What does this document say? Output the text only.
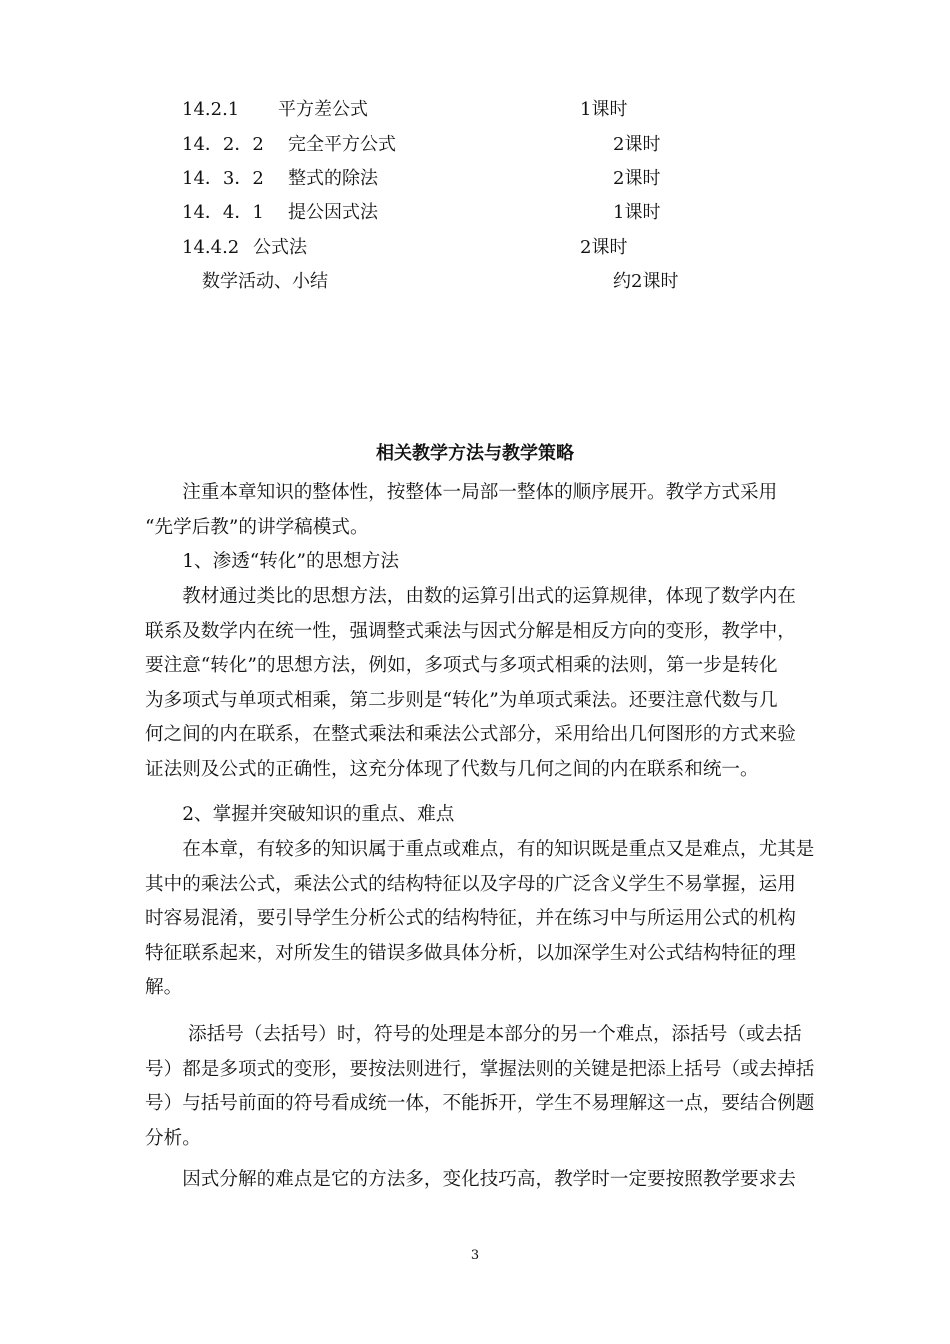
14.2.1 平方差公式	1课时
14．2．2 完全平方公式	2课时
14．3．2 整式的除法	2课时
14．4．1 提公因式法	1课时
14.4.2 公式法	2课时
数学活动、小结	约2课时
相关教学方法与教学策略
　　注重本章知识的整体性，按整体一局部一整体的顺序展开。教学方式采用
“先学后教”的讲学稿模式。
　　1、渗透“转化”的思想方法
　　教材通过类比的思想方法，由数的运算引出式的运算规律，体现了数学内在
联系及数学内在统一性，强调整式乘法与因式分解是相反方向的变形，教学中，
要注意“转化”的思想方法，例如，多项式与多项式相乘的法则，第一步是转化
为多项式与单项式相乘，第二步则是“转化”为单项式乘法。还要注意代数与几
何之间的内在联系，在整式乘法和乘法公式部分，采用给出几何图形的方式来验
证法则及公式的正确性，这充分体现了代数与几何之间的内在联系和统一。
　　2、掌握并突破知识的重点、难点
　　在本章，有较多的知识属于重点或难点，有的知识既是重点又是难点，尤其是
其中的乘法公式，乘法公式的结构特征以及字母的广泛含义学生不易掌握，运用
时容易混淆，要引导学生分析公式的结构特征，并在练习中与所运用公式的机构
特征联系起来，对所发生的错误多做具体分析，以加深学生对公式结构特征的理
解。
　　 添括号（去括号）时，符号的处理是本部分的另一个难点，添括号（或去括
号）都是多项式的变形，要按法则进行，掌握法则的关键是把添上括号（或去掉括
号）与括号前面的符号看成统一体，不能拆开，学生不易理解这一点，要结合例题
分析。
　　因式分解的难点是它的方法多，变化技巧高，教学时一定要按照教学要求去
3
